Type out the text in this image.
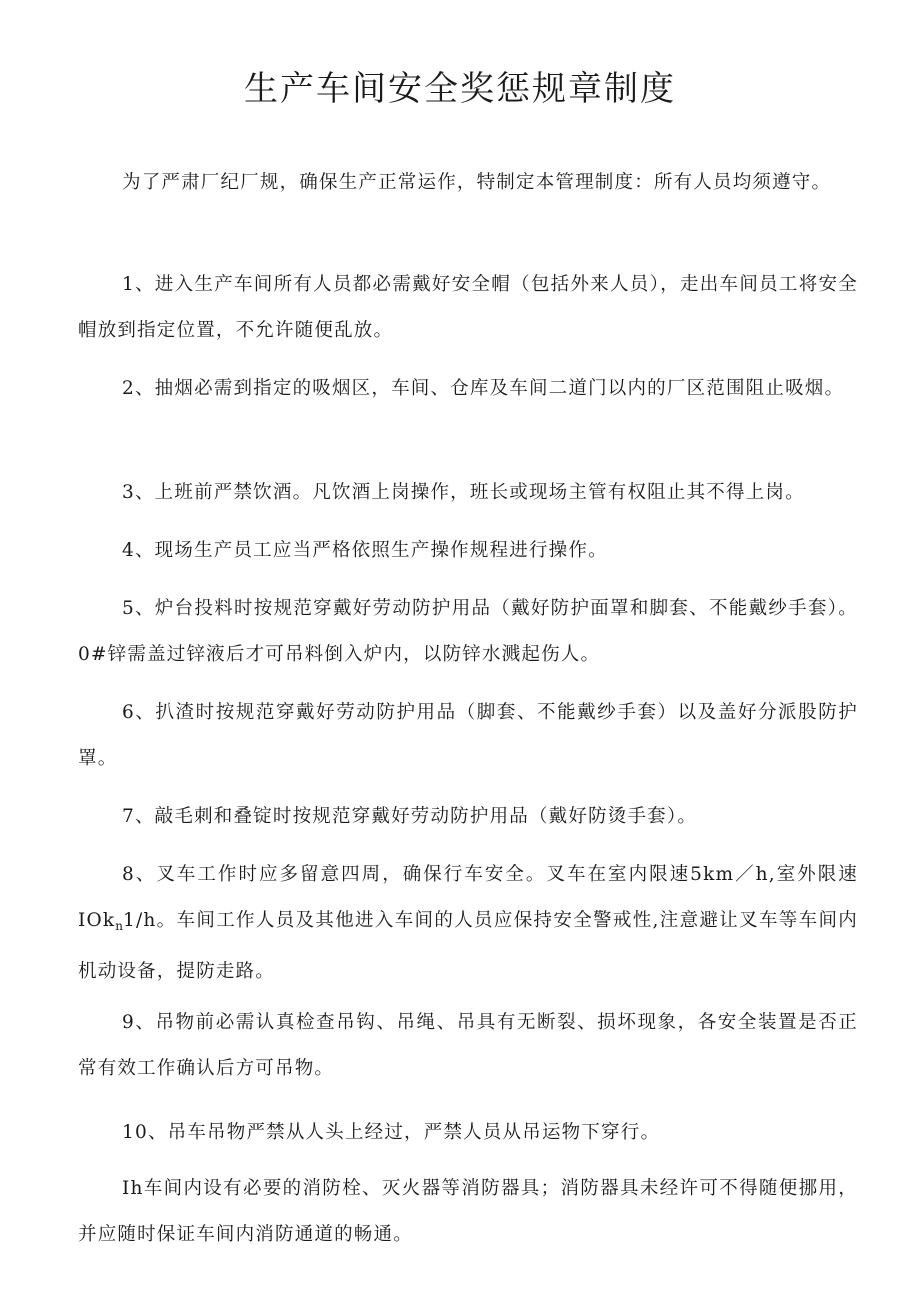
生产车间安全奖惩规章制度

为了严肃厂纪厂规，确保生产正常运作，特制定本管理制度：所有人员均须遵守。

1、进入生产车间所有人员都必需戴好安全帽（包括外来人员），走出车间员工将安全帽放到指定位置，不允许随便乱放。

2、抽烟必需到指定的吸烟区，车间、仓库及车间二道门以内的厂区范围阻止吸烟。

3、上班前严禁饮酒。凡饮酒上岗操作，班长或现场主管有权阻止其不得上岗。

4、现场生产员工应当严格依照生产操作规程进行操作。

5、炉台投料时按规范穿戴好劳动防护用品（戴好防护面罩和脚套、不能戴纱手套）。0#锌需盖过锌液后才可吊料倒入炉内，以防锌水溅起伤人。

6、扒渣时按规范穿戴好劳动防护用品（脚套、不能戴纱手套）以及盖好分派股防护罩。

7、敲毛刺和叠锭时按规范穿戴好劳动防护用品（戴好防烫手套）。

8、叉车工作时应多留意四周，确保行车安全。叉车在室内限速5km／h,室外限速IOk$_n$1/h。车间工作人员及其他进入车间的人员应保持安全警戒性,注意避让叉车等车间内机动设备，提防走路。

9、吊物前必需认真检查吊钩、吊绳、吊具有无断裂、损坏现象，各安全装置是否正常有效工作确认后方可吊物。

10、吊车吊物严禁从人头上经过，严禁人员从吊运物下穿行。

Ih车间内设有必要的消防栓、灭火器等消防器具；消防器具未经许可不得随便挪用，并应随时保证车间内消防通道的畅通。
